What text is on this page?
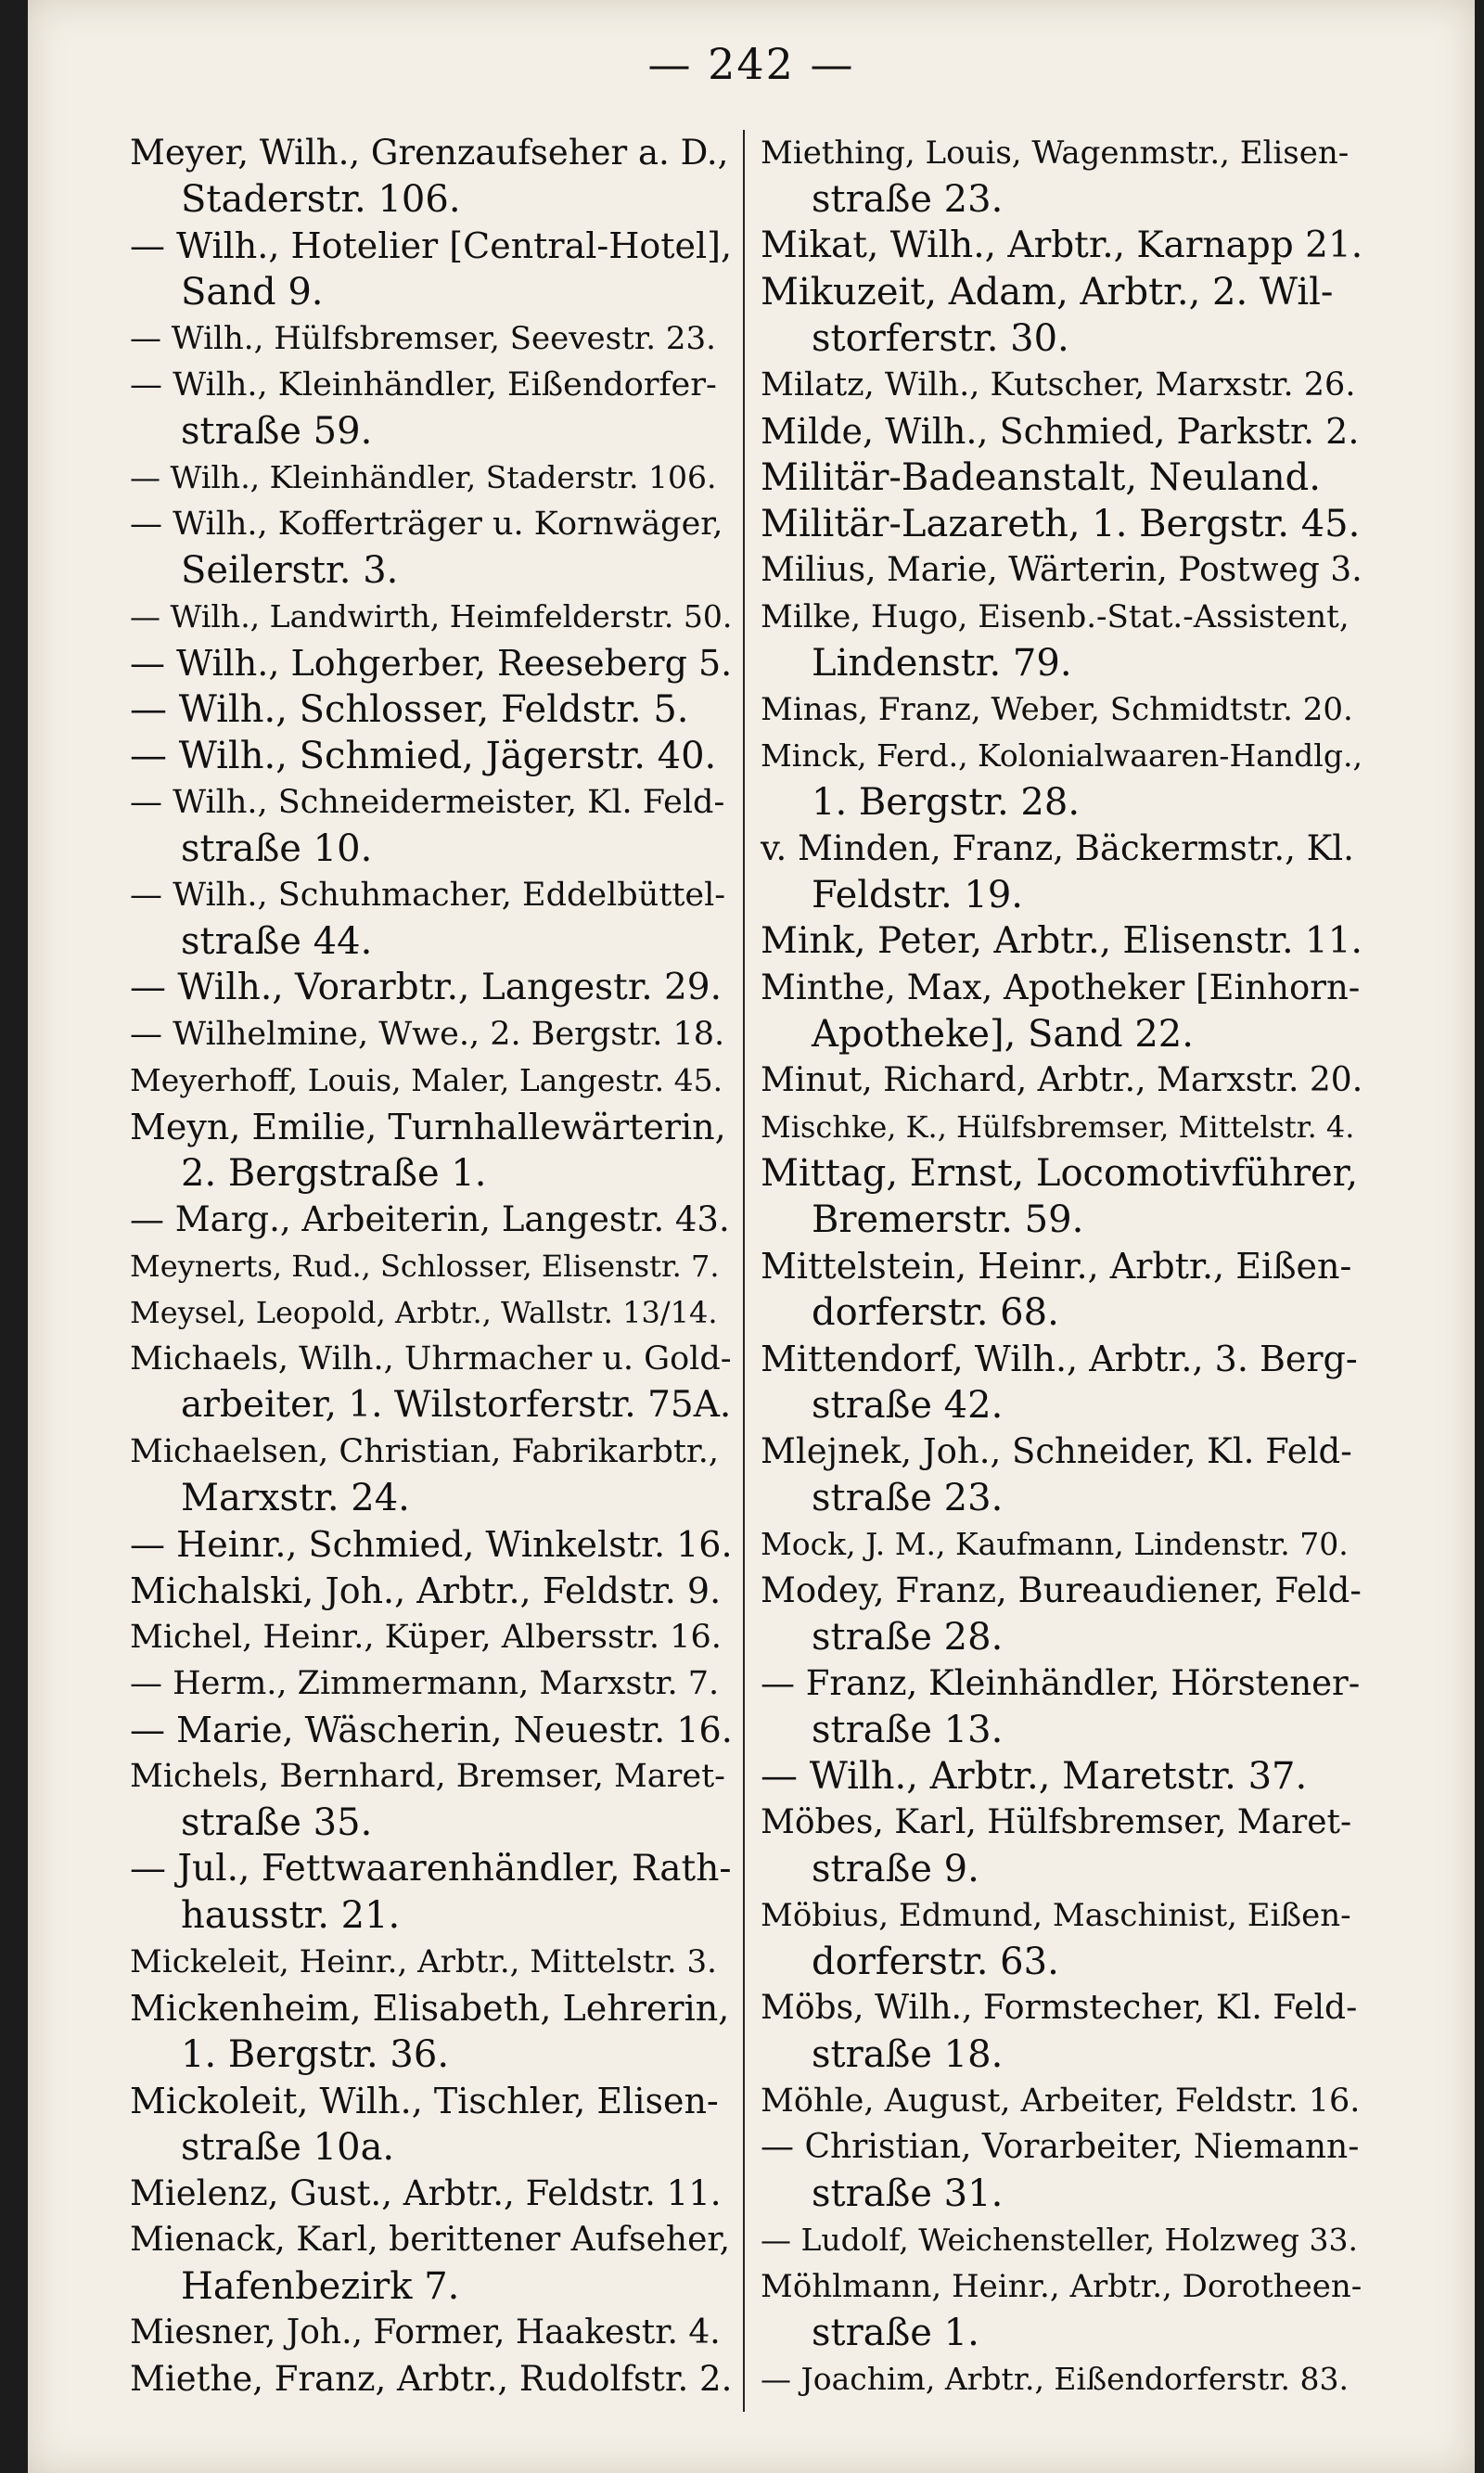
— 242 —
Meyer, Wilh., Grenzaufseher a. D.,
Staderstr. 106.
— Wilh., Hotelier [Central-Hotel],
Sand 9.
— Wilh., Hülfsbremser, Seevestr. 23.
— Wilh., Kleinhändler, Eißendorfer-
straße 59.
— Wilh., Kleinhändler, Staderstr. 106.
— Wilh., Kofferträger u. Kornwäger,
Seilerstr. 3.
— Wilh., Landwirth, Heimfelderstr. 50.
— Wilh., Lohgerber, Reeseberg 5.
— Wilh., Schlosser, Feldstr. 5.
— Wilh., Schmied, Jägerstr. 40.
— Wilh., Schneidermeister, Kl. Feld-
straße 10.
— Wilh., Schuhmacher, Eddelbüttel-
straße 44.
— Wilh., Vorarbtr., Langestr. 29.
— Wilhelmine, Wwe., 2. Bergstr. 18.
Meyerhoff, Louis, Maler, Langestr. 45.
Meyn, Emilie, Turnhallewärterin,
2. Bergstraße 1.
— Marg., Arbeiterin, Langestr. 43.
Meynerts, Rud., Schlosser, Elisenstr. 7.
Meysel, Leopold, Arbtr., Wallstr. 13/14.
Michaels, Wilh., Uhrmacher u. Gold-
arbeiter, 1. Wilstorferstr. 75A.
Michaelsen, Christian, Fabrikarbtr.,
Marxstr. 24.
— Heinr., Schmied, Winkelstr. 16.
Michalski, Joh., Arbtr., Feldstr. 9.
Michel, Heinr., Küper, Albersstr. 16.
— Herm., Zimmermann, Marxstr. 7.
— Marie, Wäscherin, Neuestr. 16.
Michels, Bernhard, Bremser, Maret-
straße 35.
— Jul., Fettwaarenhändler, Rath-
hausstr. 21.
Mickeleit, Heinr., Arbtr., Mittelstr. 3.
Mickenheim, Elisabeth, Lehrerin,
1. Bergstr. 36.
Mickoleit, Wilh., Tischler, Elisen-
straße 10a.
Mielenz, Gust., Arbtr., Feldstr. 11.
Mienack, Karl, berittener Aufseher,
Hafenbezirk 7.
Miesner, Joh., Former, Haakestr. 4.
Miethe, Franz, Arbtr., Rudolfstr. 2.
Miething, Louis, Wagenmstr., Elisen-
straße 23.
Mikat, Wilh., Arbtr., Karnapp 21.
Mikuzeit, Adam, Arbtr., 2. Wil-
storferstr. 30.
Milatz, Wilh., Kutscher, Marxstr. 26.
Milde, Wilh., Schmied, Parkstr. 2.
Militär-Badeanstalt, Neuland.
Militär-Lazareth, 1. Bergstr. 45.
Milius, Marie, Wärterin, Postweg 3.
Milke, Hugo, Eisenb.-Stat.-Assistent,
Lindenstr. 79.
Minas, Franz, Weber, Schmidtstr. 20.
Minck, Ferd., Kolonialwaaren-Handlg.,
1. Bergstr. 28.
v. Minden, Franz, Bäckermstr., Kl.
Feldstr. 19.
Mink, Peter, Arbtr., Elisenstr. 11.
Minthe, Max, Apotheker [Einhorn-
Apotheke], Sand 22.
Minut, Richard, Arbtr., Marxstr. 20.
Mischke, K., Hülfsbremser, Mittelstr. 4.
Mittag, Ernst, Locomotivführer,
Bremerstr. 59.
Mittelstein, Heinr., Arbtr., Eißen-
dorferstr. 68.
Mittendorf, Wilh., Arbtr., 3. Berg-
straße 42.
Mlejnek, Joh., Schneider, Kl. Feld-
straße 23.
Mock, J. M., Kaufmann, Lindenstr. 70.
Modey, Franz, Bureaudiener, Feld-
straße 28.
— Franz, Kleinhändler, Hörstener-
straße 13.
— Wilh., Arbtr., Maretstr. 37.
Möbes, Karl, Hülfsbremser, Maret-
straße 9.
Möbius, Edmund, Maschinist, Eißen-
dorferstr. 63.
Möbs, Wilh., Formstecher, Kl. Feld-
straße 18.
Möhle, August, Arbeiter, Feldstr. 16.
— Christian, Vorarbeiter, Niemann-
straße 31.
— Ludolf, Weichensteller, Holzweg 33.
Möhlmann, Heinr., Arbtr., Dorotheen-
straße 1.
— Joachim, Arbtr., Eißendorferstr. 83.
